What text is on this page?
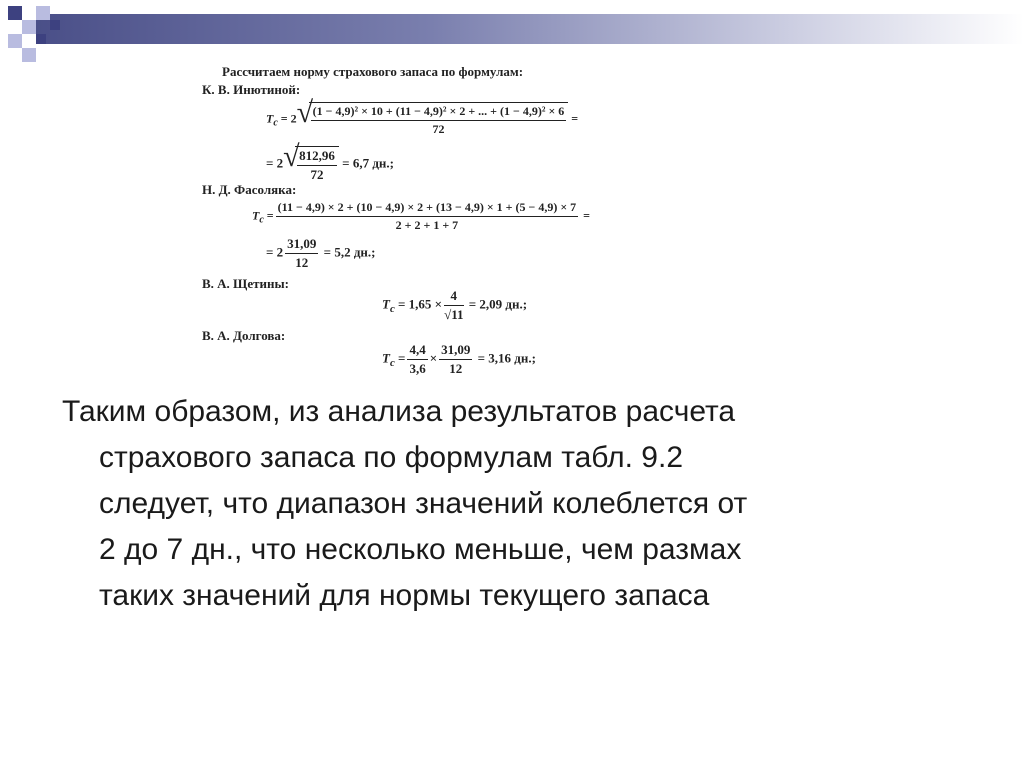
Рассчитаем норму страхового запаса по формулам:
К. В. Инютиной:
$T_c = 2$ √
$\frac{\text{(1 − 4,9)² × 10 + (11 − 4,9)² × 2 + ... + (1 − 4,9)² × 6}}{72}$ =
= 2 √
$\frac{812,96}{72} = 6,7$ дн.;
Н. Д. Фасоляка:
$T_c$ =
(11 − 4,9) × 2 + (10 − 4,9) × 2 + (13 − 4,9) × 1 + (5 − 4,9) × 7
2 + 2 + 1 + 7
=
= $2 \frac{31,09}{12} = 5,2$ дн.;
В. А. Щетины:
$T_c = 1,65 \times \frac{4}{√11} = 2,09$ дн.;
В. А. Долгова:
$T_c = \frac{4,4}{3,6} \times \frac{31,09}{12} = 3,16$ дн.;
Таким образом, из анализа результатов расчета
страхового запаса по формулам табл. 9.2
следует, что диапазон значений колеблется от
2 до 7 дн., что несколько меньше, чем размах
таких значений для нормы текущего запаса
